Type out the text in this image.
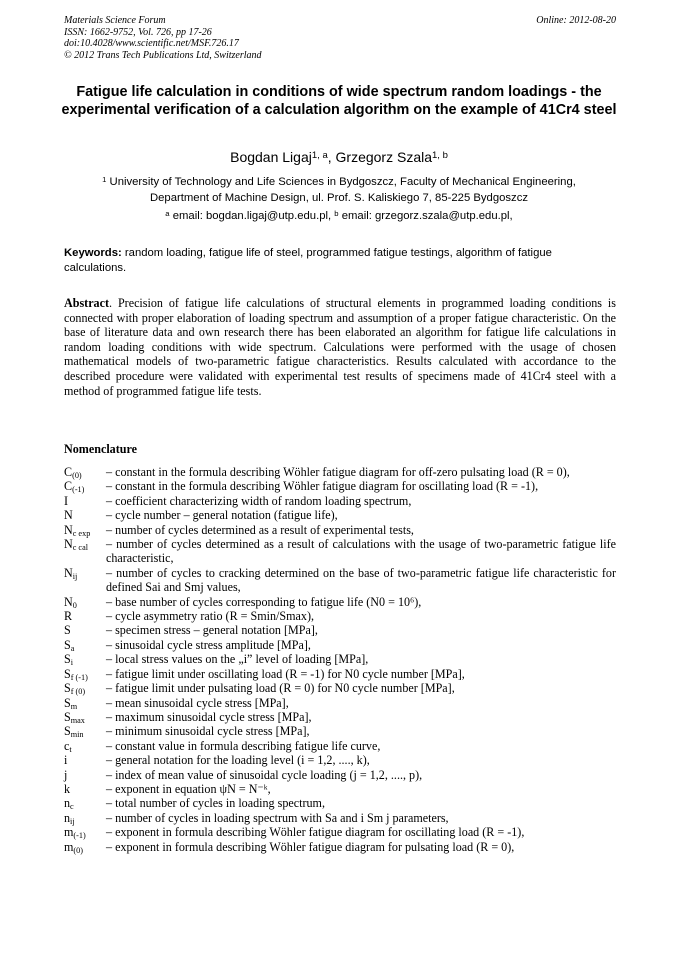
Materials Science Forum
ISSN: 1662-9752, Vol. 726, pp 17-26
doi:10.4028/www.scientific.net/MSF.726.17
© 2012 Trans Tech Publications Ltd, Switzerland
Online: 2012-08-20
Fatigue life calculation in conditions of wide spectrum random loadings - the experimental verification of a calculation algorithm on the example of 41Cr4 steel
Bogdan Ligaj$^{1, a}$, Grzegorz Szala$^{1, b}$
$^1$ University of Technology and Life Sciences in Bydgoszcz, Faculty of Mechanical Engineering,
Department of Machine Design, ul. Prof. S. Kaliskiego 7, 85-225 Bydgoszcz
$^a$ email: bogdan.ligaj@utp.edu.pl, $^b$ email: grzegorz.szala@utp.edu.pl,
Keywords: random loading, fatigue life of steel, programmed fatigue testings, algorithm of fatigue calculations.
Abstract. Precision of fatigue life calculations of structural elements in programmed loading conditions is connected with proper elaboration of loading spectrum and assumption of a proper fatigue characteristic. On the base of literature data and own research there has been elaborated an algorithm for fatigue life calculations in random loading conditions with wide spectrum. Calculations were performed with the usage of chosen mathematical models of two-parametric fatigue characteristics. Results calculated with accordance to the described procedure were validated with experimental test results of specimens made of 41Cr4 steel with a method of programmed fatigue life tests.
Nomenclature
$C_{(0)}$	– constant in the formula describing Wöhler fatigue diagram for off-zero pulsating load (R = 0),
$C_{(-1)}$	– constant in the formula describing Wöhler fatigue diagram for oscillating load (R = -1),
I	– coefficient characterizing width of random loading spectrum,
N	– cycle number – general notation (fatigue life),
$N_{c exp}$	– number of cycles determined as a result of experimental tests,
$N_{c cal}$	– number of cycles determined as a result of calculations with the usage of two-parametric fatigue life characteristic,
$N_{ij}$	– number of cycles to cracking determined on the base of two-parametric fatigue life characteristic for defined Sai and Smj values,
$N_0$	– base number of cycles corresponding to fatigue life (N0 = 10⁶),
R	– cycle asymmetry ratio (R = Smin/Smax),
S	– specimen stress – general notation [MPa],
$S_a$	– sinusoidal cycle stress amplitude [MPa],
$S_i$	– local stress values on the „i” level of loading [MPa],
$S_{f (-1)}$	– fatigue limit under oscillating load (R = -1) for N0 cycle number [MPa],
$S_{f (0)}$	– fatigue limit under pulsating load (R = 0) for N0 cycle number [MPa],
$S_m$	– mean sinusoidal cycle stress [MPa],
$S_{max}$	– maximum sinusoidal cycle stress [MPa],
$S_{min}$	– minimum sinusoidal cycle stress [MPa],
$c_t$	– constant value in formula describing fatigue life curve,
i	– general notation for the loading level (i = 1,2, ...., k),
j	– index of mean value of sinusoidal cycle loading (j = 1,2, ...., p),
k	– exponent in equation ψN = N⁻ᵏ,
$n_c$	– total number of cycles in loading spectrum,
$n_{ij}$	– number of cycles in loading spectrum with Sa and i Sm j parameters,
$m_{(-1)}$	– exponent in formula describing Wöhler fatigue diagram for oscillating load (R = -1),
$m_{(0)}$	– exponent in formula describing Wöhler fatigue diagram for pulsating load (R = 0),
